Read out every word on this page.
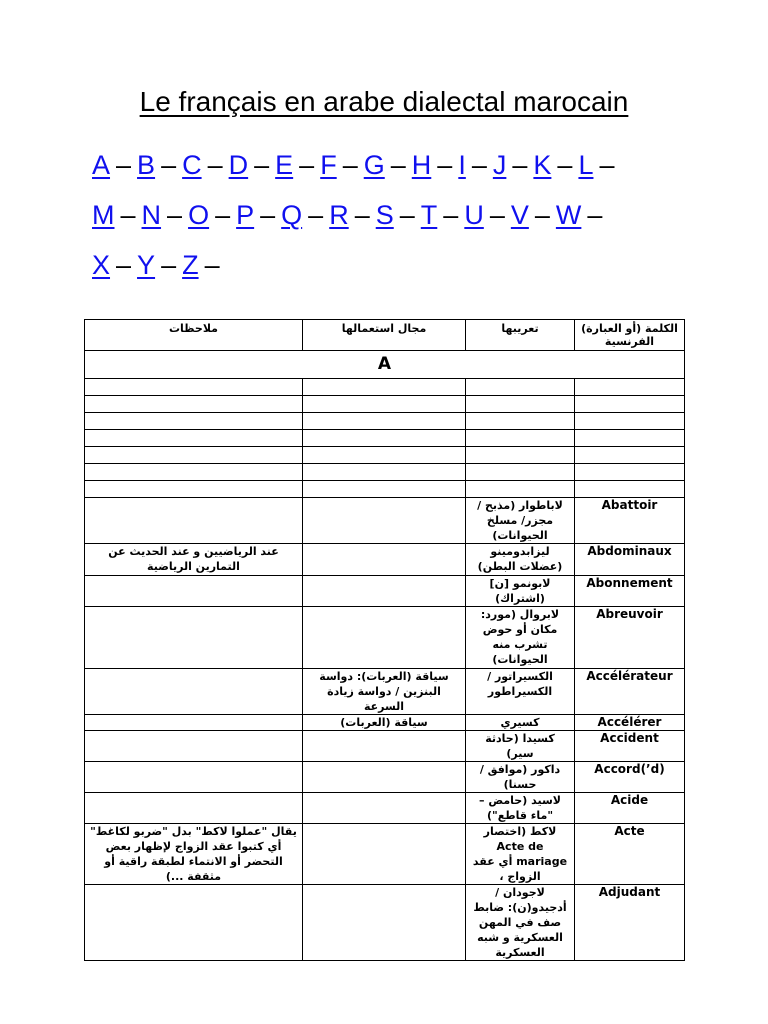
Le français en arabe dialectal marocain
A – B – C – D – E – F – G – H – I – J – K – L –
M – N – O – P – Q – R – S – T – U – V – W –
X – Y – Z –
ملاحظات	مجال استعمالها	تعريبها	الكلمة (أو العبارة) الفرنسية
A			

		لاباطوار (مذبح /مجزر/ مسلخ الحيوانات)	Abattoir
عند الرياضيين و عند الحديث عن التمارين الرياضية		ليزابدومينو (عضلات البطن)	Abdominaux
		لابونمو [ن] (اشتراك)	Abonnement
		لابروال (مورد: مكان أو حوض تشرب منه الحيوانات)	Abreuvoir
	سياقة (العربات): دواسة البنزين / دواسة زيادة السرعة	الكسيراتور / الكسيراطور	Accélérateur
	سياقة (العربات)	كسيري	Accélérer
		كسيدا (حادثة سير)	Accident
		داكور (موافق /حسنا)	Accord(’d)
		لاسيد (حامض – "ماء قاطع")	Acide
يقال "عملوا لاكط" بدل "ضربو لكاغط" أي كتبوا عقد الزواج لإظهار بعض التحضر أو الانتماء لطبقة راقية أو مثقفة ...)		لاكط (اختصار Acte de mariage أي عقد الزواج ،	Acte
		لاجودان / أدجيدو(ن): ضابط صف في المهن العسكرية و شبه العسكرية	Adjudant
